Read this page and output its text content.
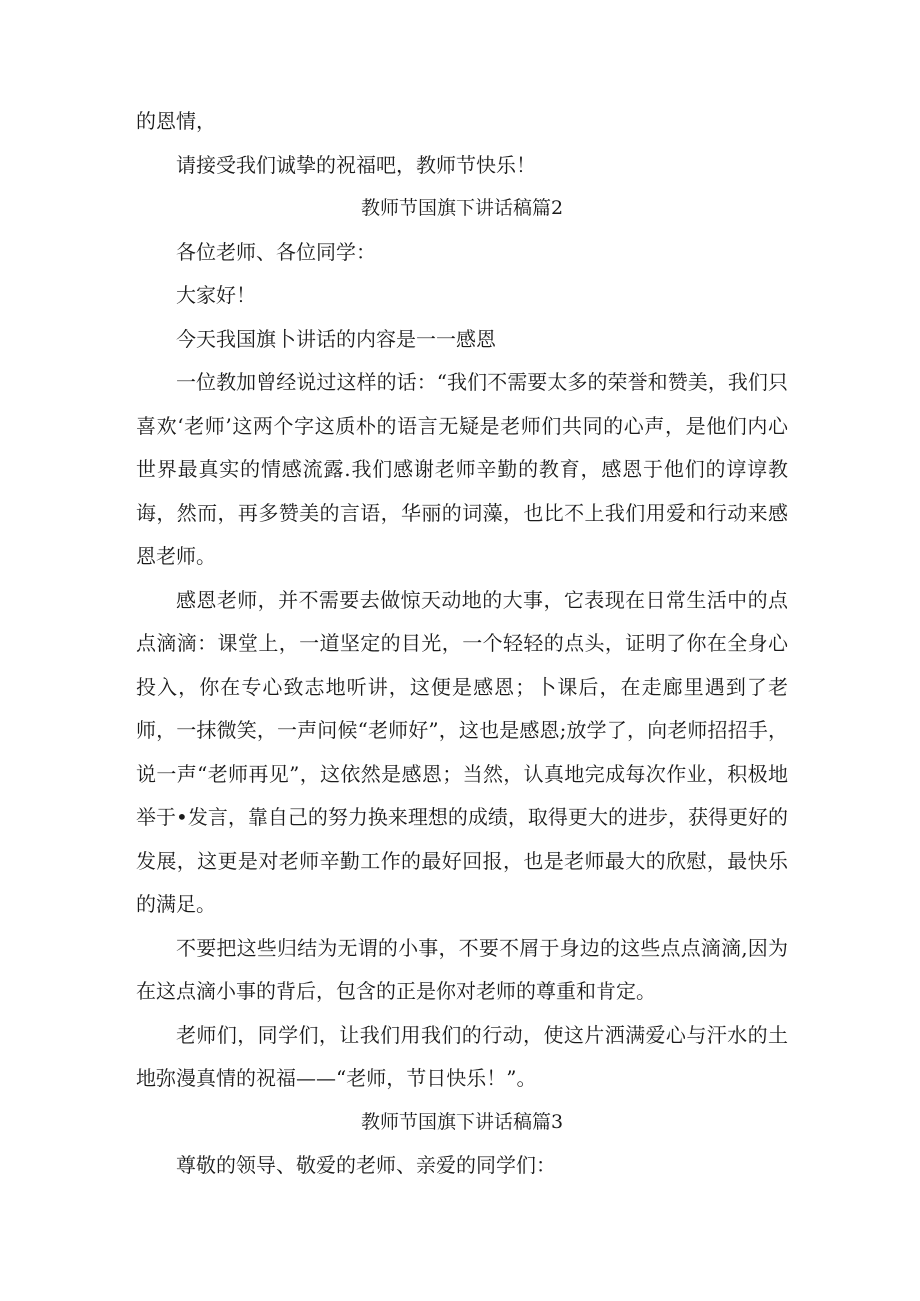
的恩情，

请接受我们诚挚的祝福吧，教师节快乐！

教师节国旗下讲话稿篇2

各位老师、各位同学：

大家好！

今天我国旗卜讲话的内容是一一感恩

一位教加曾经说过这样的话：“我们不需要太多的荣誉和赞美，我们只喜欢‘老师’这两个字这质朴的语言无疑是老师们共同的心声，是他们内心世界最真实的情感流露.我们感谢老师辛勤的教育，感恩于他们的谆谆教诲，然而，再多赞美的言语，华丽的词藻，也比不上我们用爱和行动来感恩老师。

感恩老师，并不需要去做惊天动地的大事，它表现在日常生活中的点点滴滴：课堂上，一道坚定的目光，一个轻轻的点头，证明了你在全身心投入，你在专心致志地听讲，这便是感恩；卜课后，在走廊里遇到了老师，一抹微笑，一声问候“老师好”，这也是感恩;放学了，向老师招招手，说一声“老师再见”，这依然是感恩；当然，认真地完成每次作业，积极地举于•发言，靠自己的努力换来理想的成绩，取得更大的进步，获得更好的发展，这更是对老师辛勤工作的最好回报，也是老师最大的欣慰，最快乐的满足。

不要把这些归结为无谓的小事，不要不屑于身边的这些点点滴滴,因为在这点滴小事的背后，包含的正是你对老师的尊重和肯定。

老师们，同学们，让我们用我们的行动，使这片洒满爱心与汗水的土地弥漫真情的祝福——“老师，节日快乐！”。

教师节国旗下讲话稿篇3

尊敬的领导、敬爱的老师、亲爱的同学们：
